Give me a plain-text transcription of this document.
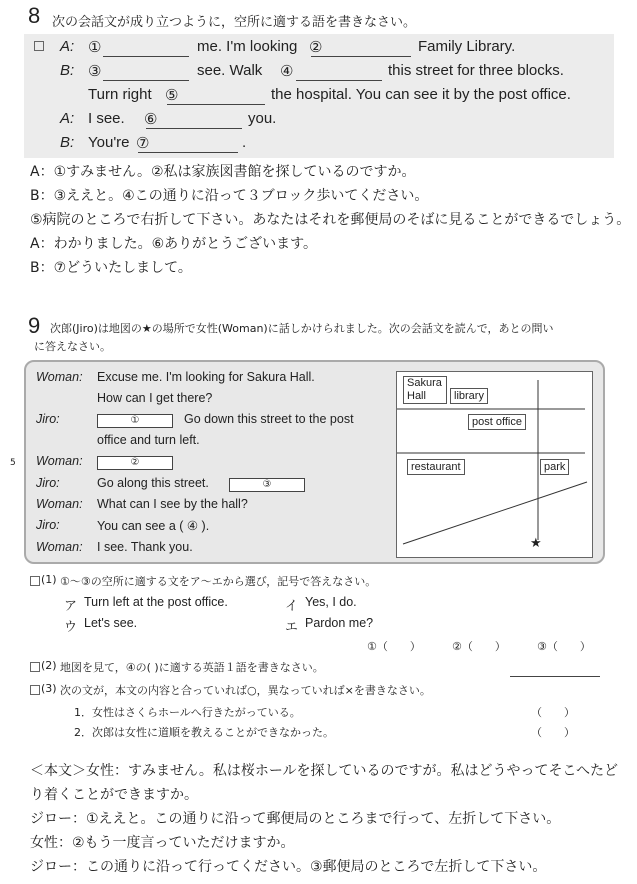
8 次の会話文が成り立つように，空所に適する語を書きなさい。
A: ①	me. I'm looking ②	Family Library.
B: ③	see. Walk ④	this street for three blocks.
Turn right ⑤	the hospital. You can see it by the post office.
A: I see. ⑥	you.
B: You're ⑦	.
A：①すみません。②私は家族図書館を探しているのですか。
B：③ええと。④この通りに沿って３ブロック歩いてください。
⑤病院のところで右折して下さい。あなたはそれを郵便局のそばに見ることができるでしょう。
A：わかりました。⑥ありがとうございます。
B：⑦どういたしまして。
9 次郎(Jiro)は地図の★の場所で女性(Woman)に話しかけられました。次の会話文を読んで，あとの問い
に答えなさい。
5
Woman: Excuse me. I'm looking for Sakura Hall.
How can I get there?
Jiro:	①	Go down this street to the post
office and turn left.
Woman:	②
Jiro:	Go along this street.	③
Woman: What can I see by the hall?
Jiro:	You can see a ( ④ ).
Woman: I see. Thank you.
Sakura Hall	library
post office
restaurant	park
★
(1) ①～③の空所に適する文をア～エから選び，記号で答えなさい。
ア Turn left at the post office.	イ Yes, I do.
ウ Let's see.	エ Pardon me?
①（　　）	②（　　）	③（　　）
(2) 地図を見て，④の( )に適する英語１語を書きなさい。
(3) 次の文が，本文の内容と合っていれば○，異なっていれば×を書きなさい。
1．女性はさくらホールへ行きたがっている。	（　　）
2．次郎は女性に道順を教えることができなかった。	（　　）
＜本文＞女性：すみません。私は桜ホールを探しているのですが。私はどうやってそこへたど
り着くことができますか。
ジロー：①ええと。この通りに沿って郵便局のところまで行って、左折して下さい。
女性：②もう一度言っていただけますか。
ジロー：この通りに沿って行ってください。③郵便局のところで左折して下さい。
